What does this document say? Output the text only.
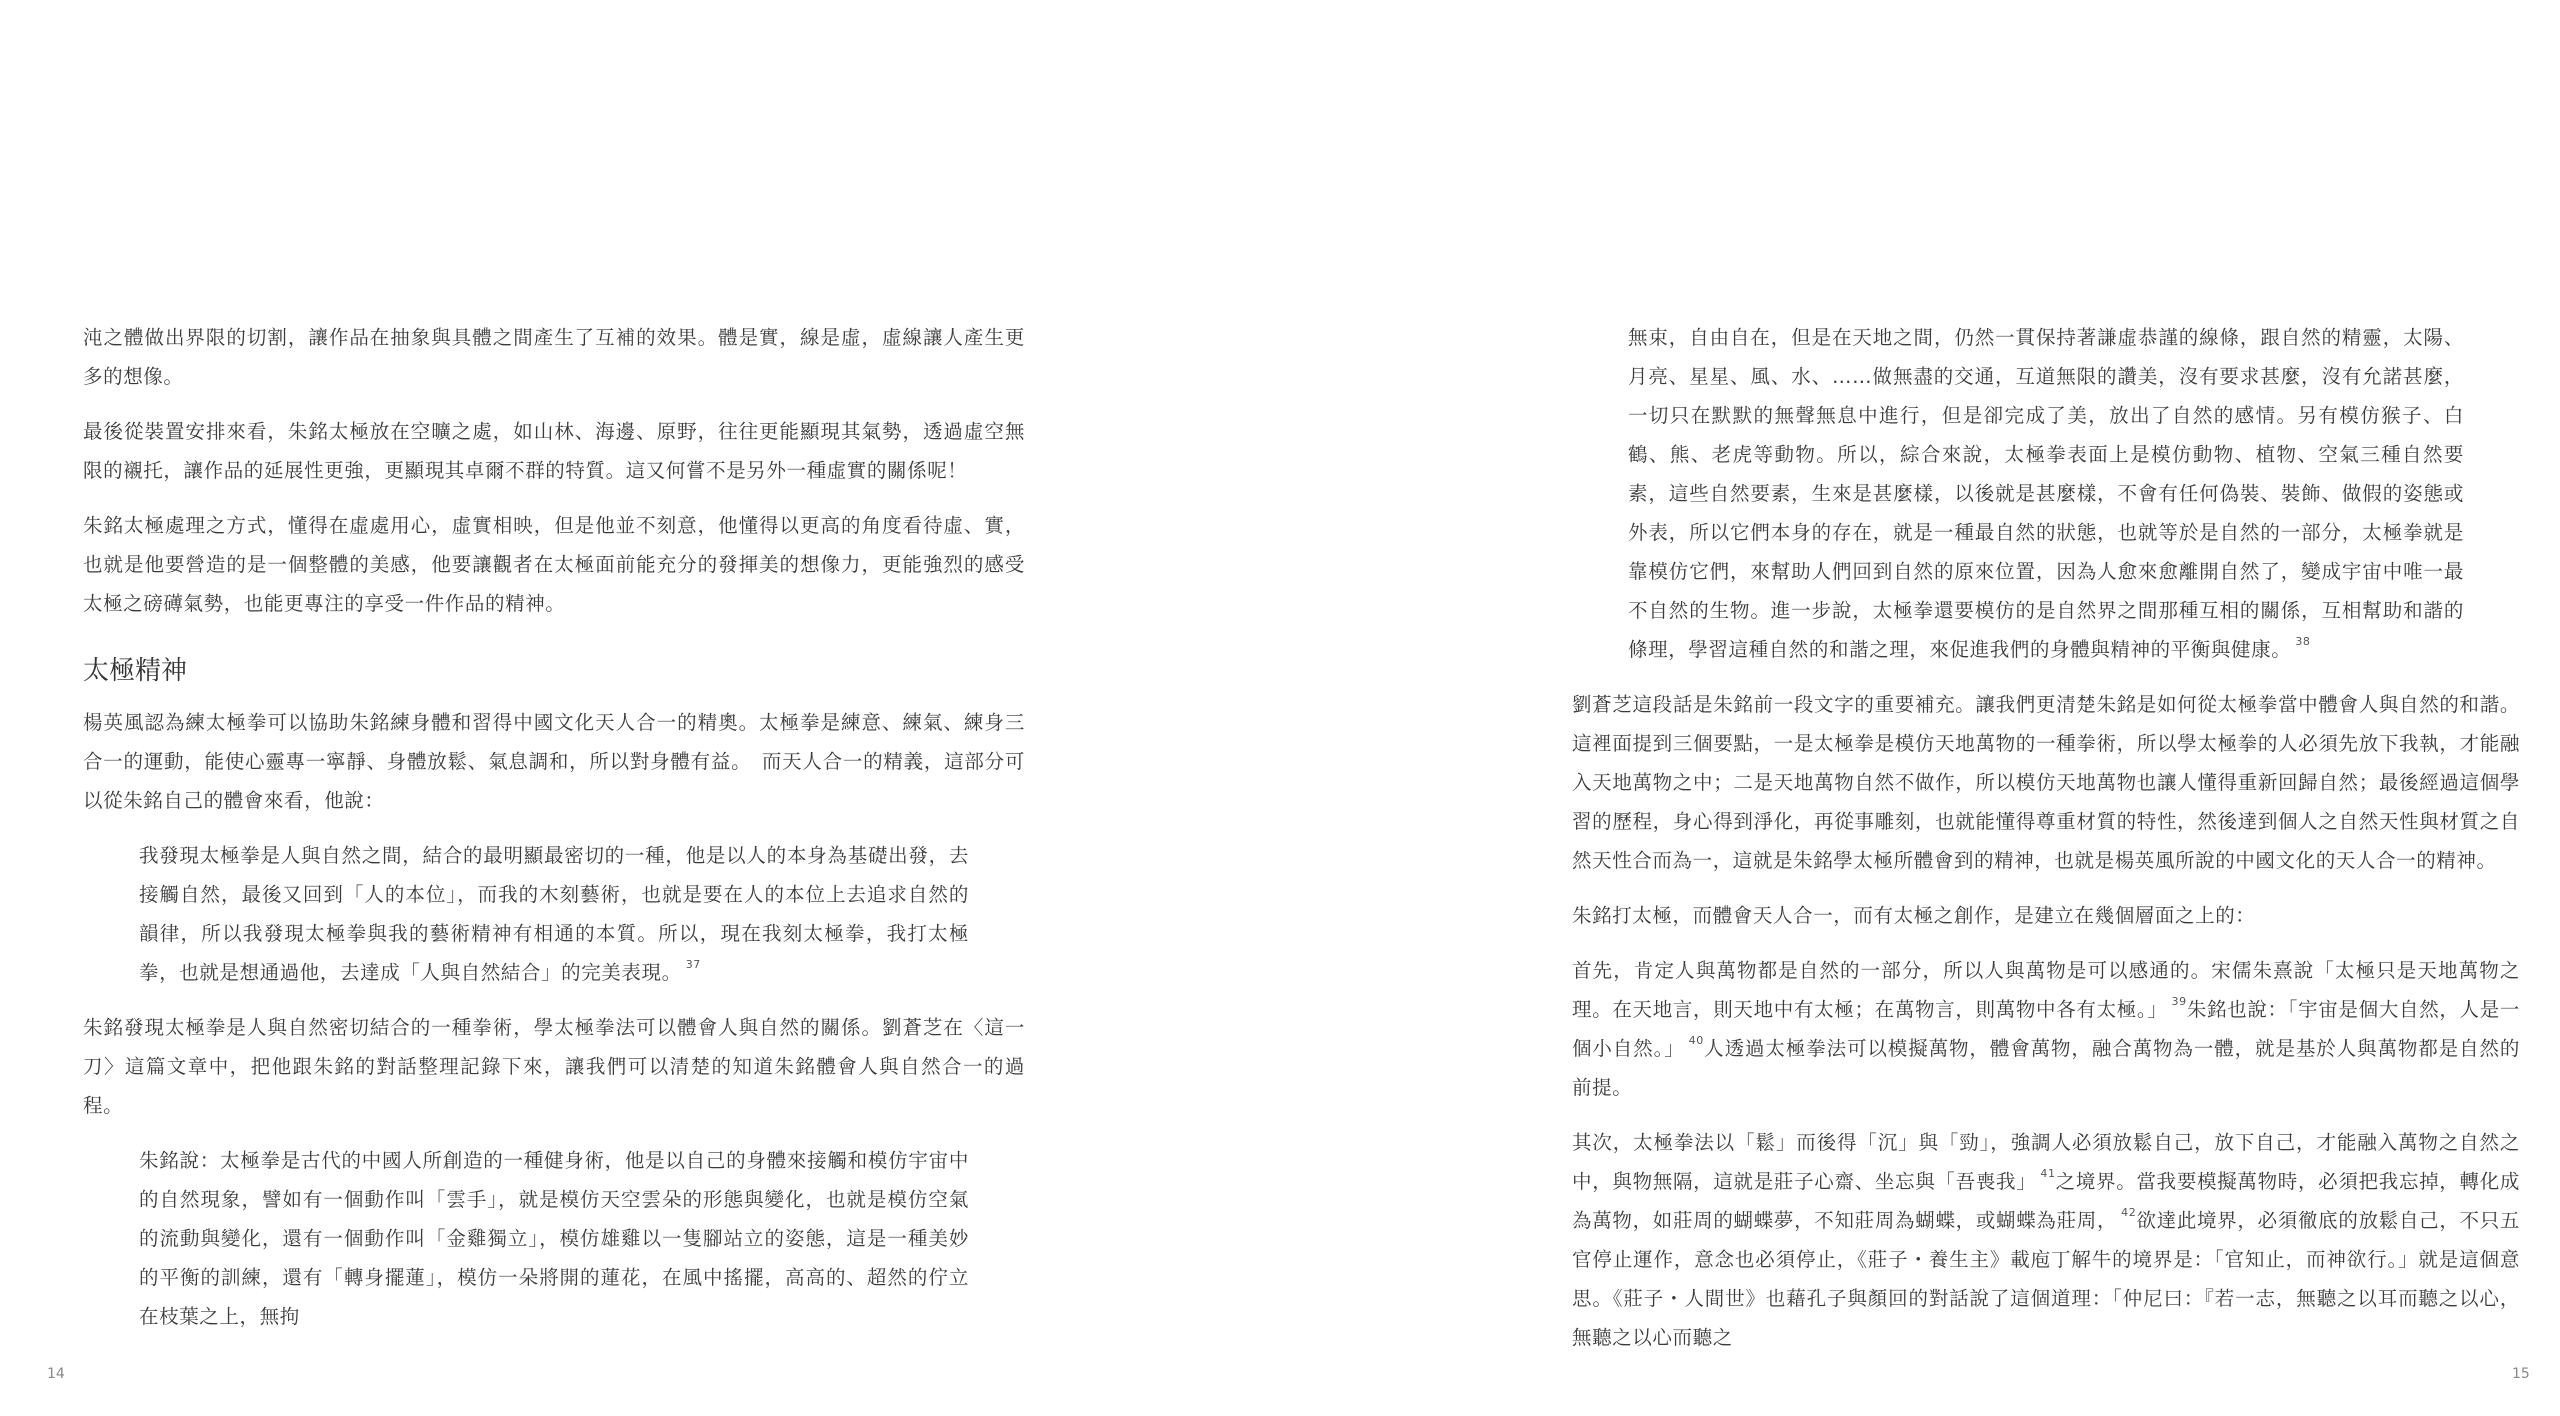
沌之體做出界限的切割，讓作品在抽象與具體之間產生了互補的效果。體是實，線是虛，虛線讓人產生更多的想像。

最後從裝置安排來看，朱銘太極放在空曠之處，如山林、海邊、原野，往往更能顯現其氣勢，透過虛空無限的襯托，讓作品的延展性更強，更顯現其卓爾不群的特質。這又何嘗不是另外一種虛實的關係呢！

朱銘太極處理之方式，懂得在虛處用心，虛實相映，但是他並不刻意，他懂得以更高的角度看待虛、實，也就是他要營造的是一個整體的美感，他要讓觀者在太極面前能充分的發揮美的想像力，更能強烈的感受太極之磅礡氣勢，也能更專注的享受一件作品的精神。

太極精神

楊英風認為練太極拳可以協助朱銘練身體和習得中國文化天人合一的精奧。太極拳是練意、練氣、練身三合一的運動，能使心靈專一寧靜、身體放鬆、氣息調和，所以對身體有益。　而天人合一的精義，這部分可以從朱銘自己的體會來看，他說：

我發現太極拳是人與自然之間，結合的最明顯最密切的一種，他是以人的本身為基礎出發，去接觸自然，最後又回到「人的本位」，而我的木刻藝術，也就是要在人的本位上去追求自然的韻律，所以我發現太極拳與我的藝術精神有相通的本質。所以，現在我刻太極拳，我打太極拳，也就是想通過他，去達成「人與自然結合」的完美表現。 $^{37}$

朱銘發現太極拳是人與自然密切結合的一種拳術，學太極拳法可以體會人與自然的關係。劉蒼芝在〈這一刀〉這篇文章中，把他跟朱銘的對話整理記錄下來，讓我們可以清楚的知道朱銘體會人與自然合一的過程。

朱銘說：太極拳是古代的中國人所創造的一種健身術，他是以自己的身體來接觸和模仿宇宙中的自然現象，譬如有一個動作叫「雲手」，就是模仿天空雲朵的形態與變化，也就是模仿空氣的流動與變化，還有一個動作叫「金雞獨立」，模仿雄雞以一隻腳站立的姿態，這是一種美妙的平衡的訓練，還有「轉身擺蓮」，模仿一朵將開的蓮花，在風中搖擺，高高的、超然的佇立在枝葉之上，無拘
14
無束，自由自在，但是在天地之間，仍然一貫保持著謙虛恭謹的線條，跟自然的精靈，太陽、月亮、星星、風、水、……做無盡的交通，互道無限的讚美，沒有要求甚麼，沒有允諾甚麼，一切只在默默的無聲無息中進行，但是卻完成了美，放出了自然的感情。另有模仿猴子、白鶴、熊、老虎等動物。所以，綜合來說，太極拳表面上是模仿動物、植物、空氣三種自然要素，這些自然要素，生來是甚麼樣，以後就是甚麼樣，不會有任何偽裝、裝飾、做假的姿態或外表，所以它們本身的存在，就是一種最自然的狀態，也就等於是自然的一部分，太極拳就是靠模仿它們，來幫助人們回到自然的原來位置，因為人愈來愈離開自然了，變成宇宙中唯一最不自然的生物。進一步說，太極拳還要模仿的是自然界之間那種互相的關係，互相幫助和諧的條理，學習這種自然的和諧之理，來促進我們的身體與精神的平衡與健康。 $^{38}$

劉蒼芝這段話是朱銘前一段文字的重要補充。讓我們更清楚朱銘是如何從太極拳當中體會人與自然的和諧。這裡面提到三個要點，一是太極拳是模仿天地萬物的一種拳術，所以學太極拳的人必須先放下我執，才能融入天地萬物之中；二是天地萬物自然不做作，所以模仿天地萬物也讓人懂得重新回歸自然；最後經過這個學習的歷程，身心得到淨化，再從事雕刻，也就能懂得尊重材質的特性，然後達到個人之自然天性與材質之自然天性合而為一，這就是朱銘學太極所體會到的精神，也就是楊英風所說的中國文化的天人合一的精神。

朱銘打太極，而體會天人合一，而有太極之創作，是建立在幾個層面之上的：

首先，肯定人與萬物都是自然的一部分，所以人與萬物是可以感通的。宋儒朱熹說「太極只是天地萬物之理。在天地言，則天地中有太極；在萬物言，則萬物中各有太極。」 $^{39}$朱銘也說：「宇宙是個大自然，人是一個小自然。」 $^{40}$人透過太極拳法可以模擬萬物，體會萬物，融合萬物為一體，就是基於人與萬物都是自然的前提。

其次，太極拳法以「鬆」而後得「沉」與「勁」，強調人必須放鬆自己，放下自己，才能融入萬物之自然之中，與物無隔，這就是莊子心齋、坐忘與「吾喪我」 $^{41}$之境界。當我要模擬萬物時，必須把我忘掉，轉化成為萬物，如莊周的蝴蝶夢，不知莊周為蝴蝶，或蝴蝶為莊周， $^{42}$欲達此境界，必須徹底的放鬆自己，不只五官停止運作，意念也必須停止，《莊子・養生主》載庖丁解牛的境界是：「官知止，而神欲行。」就是這個意思。《莊子・人間世》也藉孔子與顏回的對話說了這個道理：「仲尼曰：『若一志，無聽之以耳而聽之以心，無聽之以心而聽之

15
